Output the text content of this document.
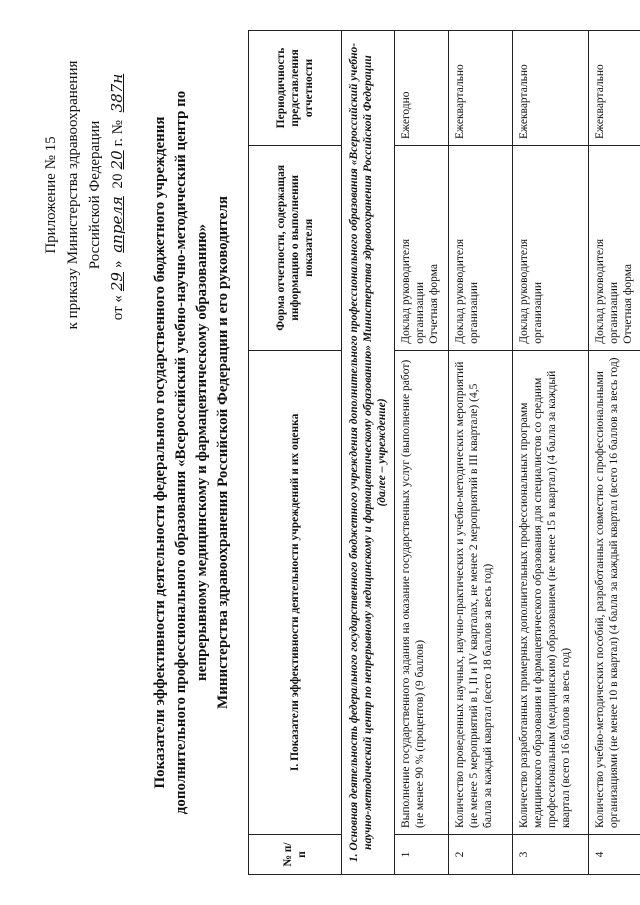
Приложение № 15 к приказу Министерства здравоохранения Российской Федерации
от «29» апреля 2020г. № 387н
Показатели эффективности деятельности федерального государственного бюджетного учреждения дополнительного профессионального образования «Всероссийский учебно-научно-методический центр по непрерывному медицинскому и фармацевтическому образованию» Министерства здравоохранения Российской Федерации и его руководителя
№ п/п	I. Показатели эффективности деятельности учреждений и их оценка	Форма отчетности, содержащая информацию о выполнении показателя	Периодичность представления отчетности
1. Основная деятельность федерального государственного бюджетного учреждения дополнительного профессионального образования «Всероссийский учебно-научно-методический центр по непрерывному медицинскому и фармацевтическому образованию» Министерства здравоохранения Российской Федерации (далее – учреждение)			
1	Выполнение государственного задания на оказание государственных услуг (выполнение работ) (не менее 90 % (процентов) (9 баллов)	Доклад руководителя организации Отчетная форма	Ежегодно
2	Количество проведенных научных, научно-практических и учебно-методических мероприятий (не менее 5 мероприятий в I, II и IV кварталах, не менее 2 мероприятий в III квартале) (4,5 балла за каждый квартал (всего 18 баллов за весь год)	Доклад руководителя организации	Ежеквартально
3	Количество разработанных примерных дополнительных профессиональных программ медицинского образования и фармацевтического образования для специалистов со средним профессиональным (медицинским) образованием (не менее 15 в квартал) (4 балла за каждый квартал (всего 16 баллов за весь год)	Доклад руководителя организации	Ежеквартально
4	Количество учебно-методических пособий, разработанных совместно с профессиональными организациями (не менее 10 в квартал) (4 балла за каждый квартал (всего 16 баллов за весь год)	Доклад руководителя организации Отчетная форма	Ежеквартально
